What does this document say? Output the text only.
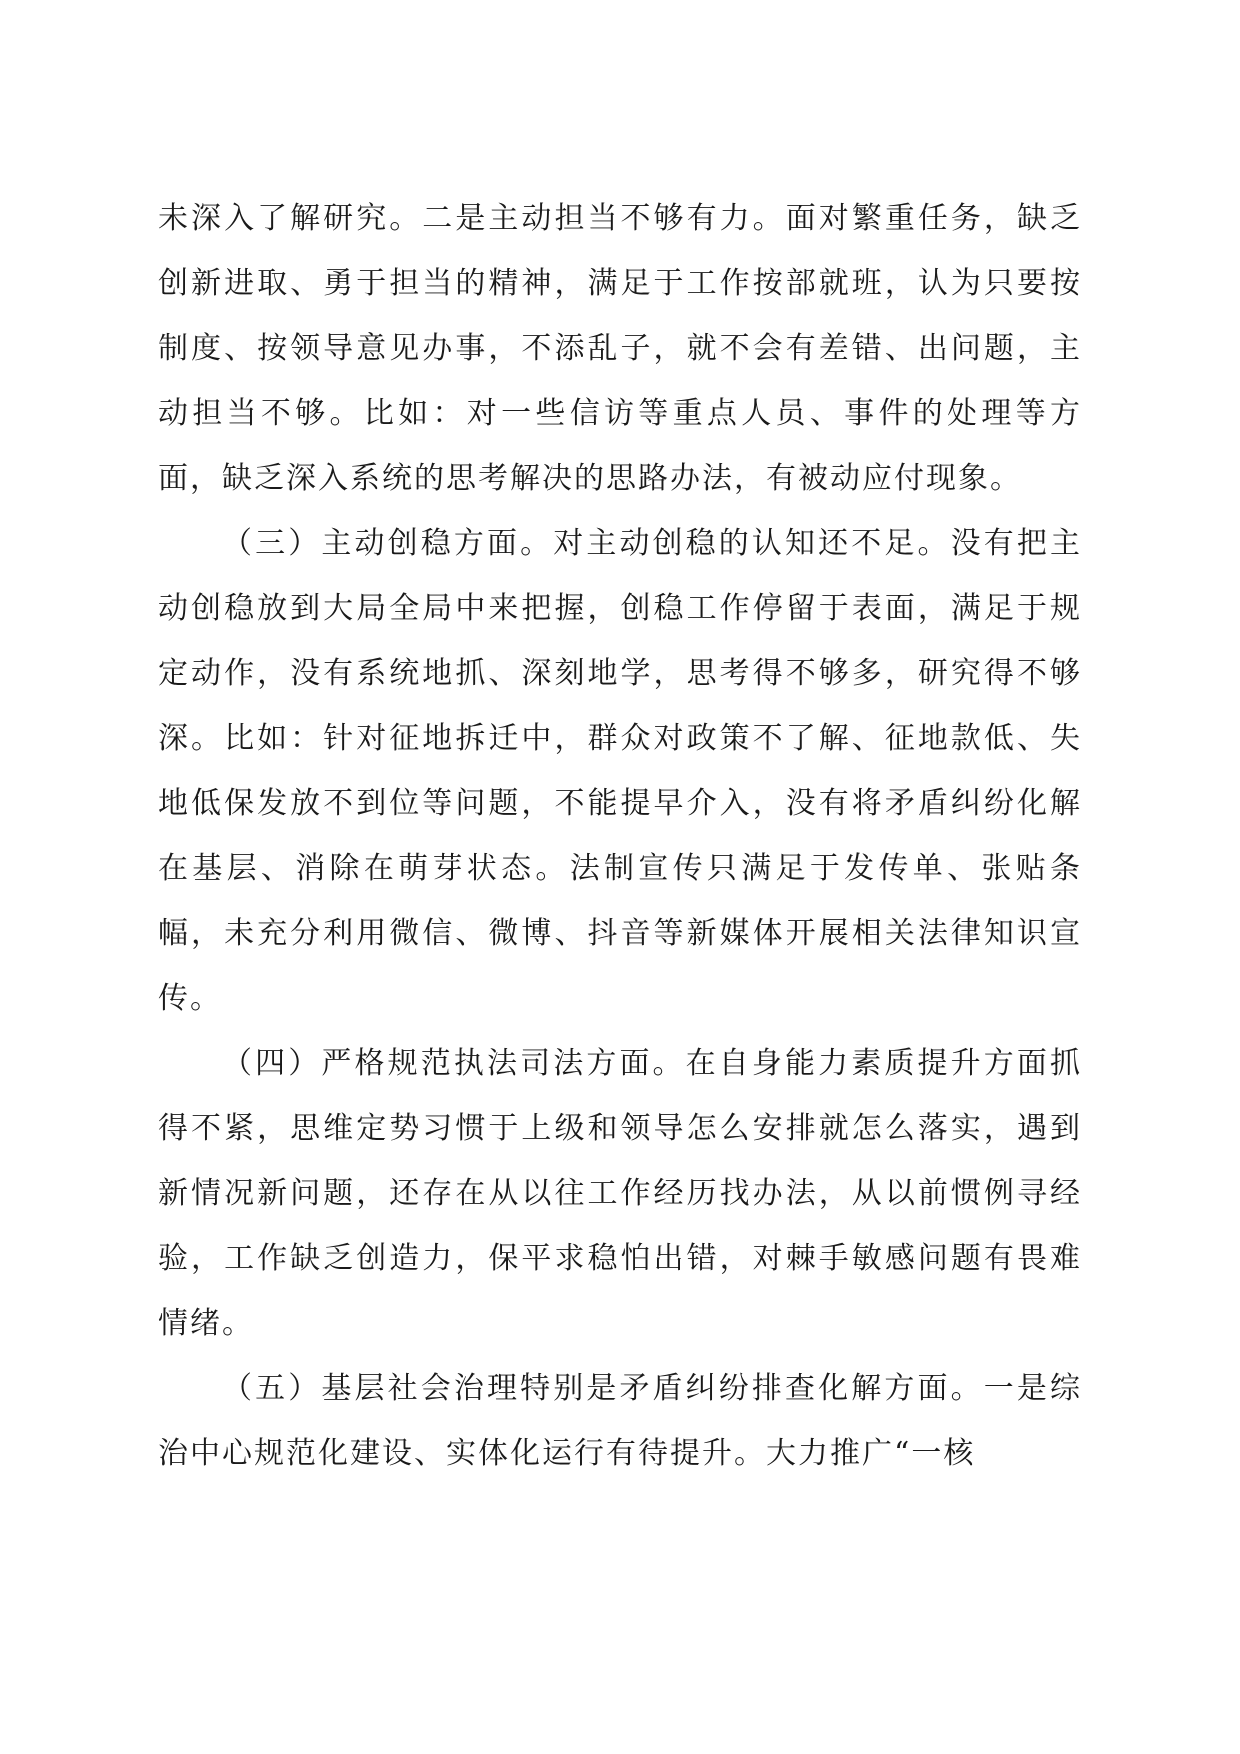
未深入了解研究。二是主动担当不够有力。面对繁重任务，缺乏创新进取、勇于担当的精神，满足于工作按部就班，认为只要按制度、按领导意见办事，不添乱子，就不会有差错、出问题，主动担当不够。比如：对一些信访等重点人员、事件的处理等方面，缺乏深入系统的思考解决的思路办法，有被动应付现象。

（三）主动创稳方面。对主动创稳的认知还不足。没有把主动创稳放到大局全局中来把握，创稳工作停留于表面，满足于规定动作，没有系统地抓、深刻地学，思考得不够多，研究得不够深。比如：针对征地拆迁中，群众对政策不了解、征地款低、失地低保发放不到位等问题，不能提早介入，没有将矛盾纠纷化解在基层、消除在萌芽状态。法制宣传只满足于发传单、张贴条幅，未充分利用微信、微博、抖音等新媒体开展相关法律知识宣传。

（四）严格规范执法司法方面。在自身能力素质提升方面抓得不紧，思维定势习惯于上级和领导怎么安排就怎么落实，遇到新情况新问题，还存在从以往工作经历找办法，从以前惯例寻经验，工作缺乏创造力，保平求稳怕出错，对棘手敏感问题有畏难情绪。

（五）基层社会治理特别是矛盾纠纷排查化解方面。一是综治中心规范化建设、实体化运行有待提升。大力推广“一核
